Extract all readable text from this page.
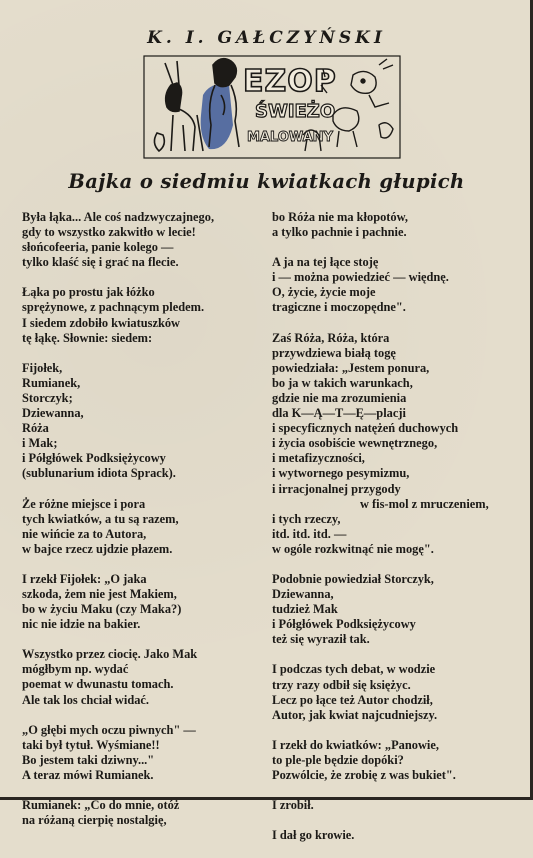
K. I. GAŁCZYŃSKI
EZOP
ŚWIEŻO
MALOWANY
Bajka o siedmiu kwiatkach głupich
Była łąka... Ale coś nadzwyczajnego,
gdy to wszystko zakwitło w lecie!
słońcofeeria, panie kolego —
tylko klaść się i grać na flecie.
Łąka po prostu jak łóżko
sprężynowe, z pachnącym pledem.
I siedem zdobiło kwiatuszków
tę łąkę. Słownie: siedem:
Fijołek,
Rumianek,
Storczyk;
Dziewanna,
Róża
i Mak;
i Półgłówek Podksiężycowy
(sublunarium idiota Sprack).
Że różne miejsce i pora
tych kwiatków, a tu są razem,
nie wińcie za to Autora,
w bajce rzecz ujdzie płazem.
I rzekł Fijołek: „O jaka
szkoda, żem nie jest Makiem,
bo w życiu Maku (czy Maka?)
nic nie idzie na bakier.
Wszystko przez ciocię. Jako Mak
mógłbym np. wydać
poemat w dwunastu tomach.
Ale tak los chciał widać.
„O głębi mych oczu piwnych" —
taki był tytuł. Wyśmiane!!
Bo jestem taki dziwny..."
A teraz mówi Rumianek.
Rumianek: „Co do mnie, otóż
na różaną cierpię nostalgię,
bo Róża nie ma kłopotów,
a tylko pachnie i pachnie.
A ja na tej łące stoję
i — można powiedzieć — więdnę.
O, życie, życie moje
tragiczne i moczopędne".
Zaś Róża, Róża, która
przywdziewa białą togę
powiedziała: „Jestem ponura,
bo ja w takich warunkach,
gdzie nie ma zrozumienia
dla K—Ą—T—Ę—placji
i specyficznych natężeń duchowych
i życia osobiście wewnętrznego,
i metafizyczności,
i wytwornego pesymizmu,
i irracjonalnej przygody
w fis-mol z mruczeniem,
i tych rzeczy,
itd. itd. itd. —
w ogóle rozkwitnąć nie mogę".
Podobnie powiedział Storczyk,
Dziewanna,
tudzież Mak
i Półgłówek Podksiężycowy
też się wyraził tak.
I podczas tych debat, w wodzie
trzy razy odbił się księżyc.
Lecz po łące też Autor chodził,
Autor, jak kwiat najcudniejszy.
I rzekł do kwiatków: „Panowie,
to ple-ple będzie dopóki?
Pozwólcie, że zrobię z was bukiet".
I zrobił.
I dał go krowie.
